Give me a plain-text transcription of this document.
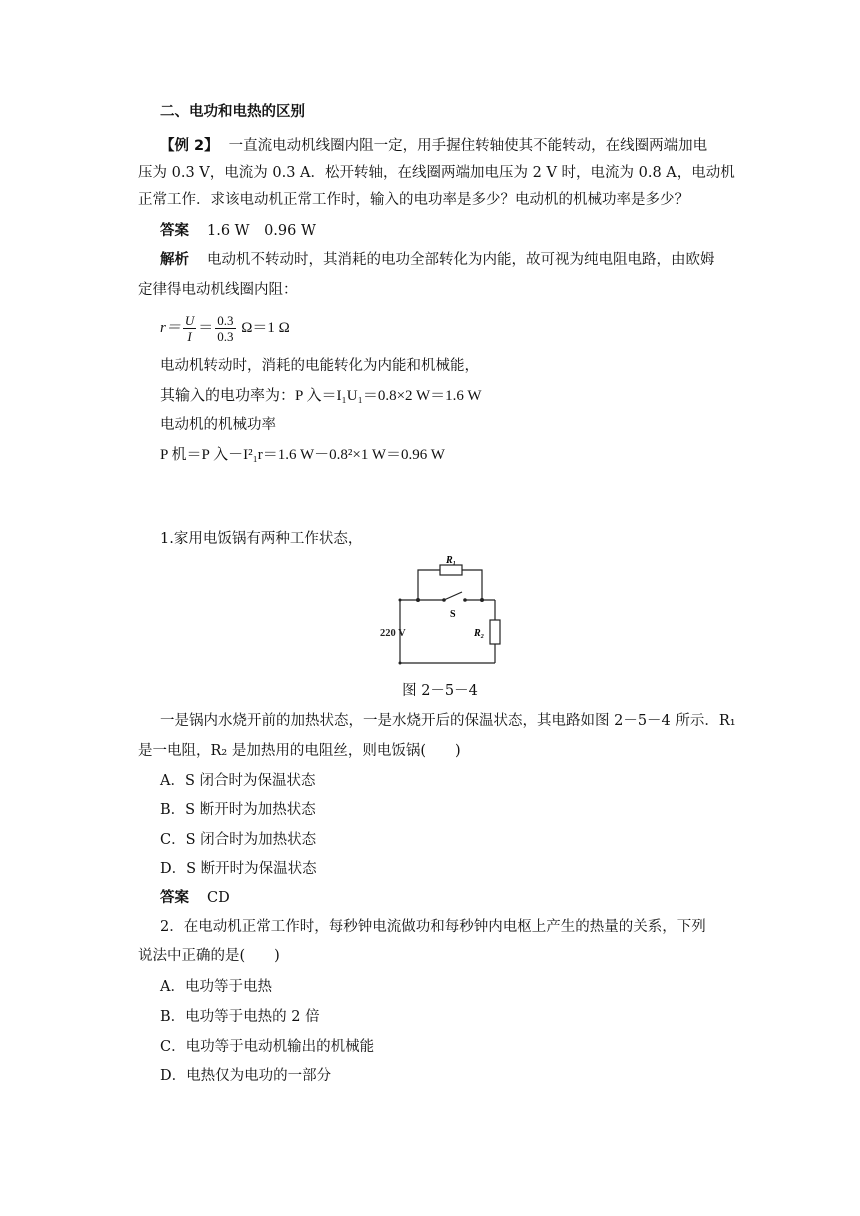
二、电功和电热的区别
【例 2】 一直流电动机线圈内阻一定，用手握住转轴使其不能转动，在线圈两端加电
压为 0.3 V，电流为 0.3 A．松开转轴，在线圈两端加电压为 2 V 时，电流为 0.8 A，电动机
正常工作．求该电动机正常工作时，输入的电功率是多少？电动机的机械功率是多少？
答案 1.6 W　0.96 W
解析 电动机不转动时，其消耗的电功全部转化为内能，故可视为纯电阻电路，由欧姆
定律得电动机线圈内阻：
$r= \frac{U}{I} = \frac{0.3}{0.3} \Omega=1$ Ω
电动机转动时，消耗的电能转化为内能和机械能，
其输入的电功率为：P 入＝I₁U₁＝0.8×2 W＝1.6 W
电动机的机械功率
P 机＝P 入－I²₁r＝1.6 W－0.8²×1 W＝0.96 W
1.家用电饭锅有两种工作状态，
R₁
S
220 V	R₂
图 2－5－4
一是锅内水烧开前的加热状态，一是水烧开后的保温状态，其电路如图 2－5－4 所示．R₁
是一电阻，R₂ 是加热用的电阻丝，则电饭锅(　　)
A．S 闭合时为保温状态
B．S 断开时为加热状态
C．S 闭合时为加热状态
D．S 断开时为保温状态
答案 CD
2．在电动机正常工作时，每秒钟电流做功和每秒钟内电枢上产生的热量的关系，下列
说法中正确的是(　　)
A．电功等于电热
B．电功等于电热的 2 倍
C．电功等于电动机输出的机械能
D．电热仅为电功的一部分
